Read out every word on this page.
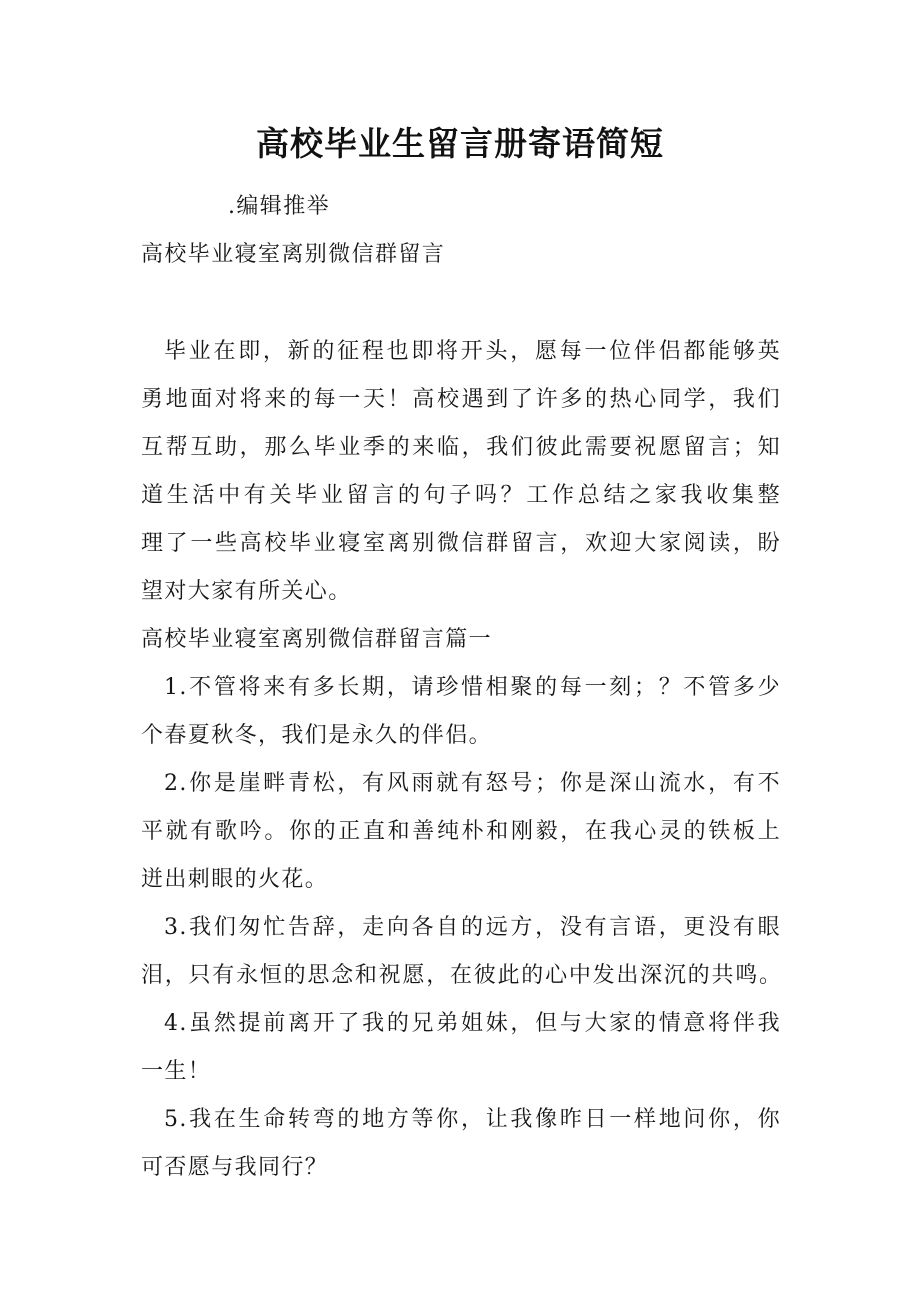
高校毕业生留言册寄语简短
.编辑推举
高校毕业寝室离别微信群留言
毕业在即，新的征程也即将开头，愿每一位伴侣都能够英
勇地面对将来的每一天！高校遇到了许多的热心同学，我们
互帮互助，那么毕业季的来临，我们彼此需要祝愿留言；知
道生活中有关毕业留言的句子吗？工作总结之家我收集整
理了一些高校毕业寝室离别微信群留言，欢迎大家阅读，盼
望对大家有所关心。
高校毕业寝室离别微信群留言篇一
1.不管将来有多长期，请珍惜相聚的每一刻；？不管多少
个春夏秋冬，我们是永久的伴侣。
2.你是崖畔青松，有风雨就有怒号；你是深山流水，有不
平就有歌吟。你的正直和善纯朴和刚毅，在我心灵的铁板上
迸出刺眼的火花。
3.我们匆忙告辞，走向各自的远方，没有言语，更没有眼
泪，只有永恒的思念和祝愿，在彼此的心中发出深沉的共鸣。
4.虽然提前离开了我的兄弟姐妹，但与大家的情意将伴我
一生！
5.我在生命转弯的地方等你，让我像昨日一样地问你，你
可否愿与我同行？
